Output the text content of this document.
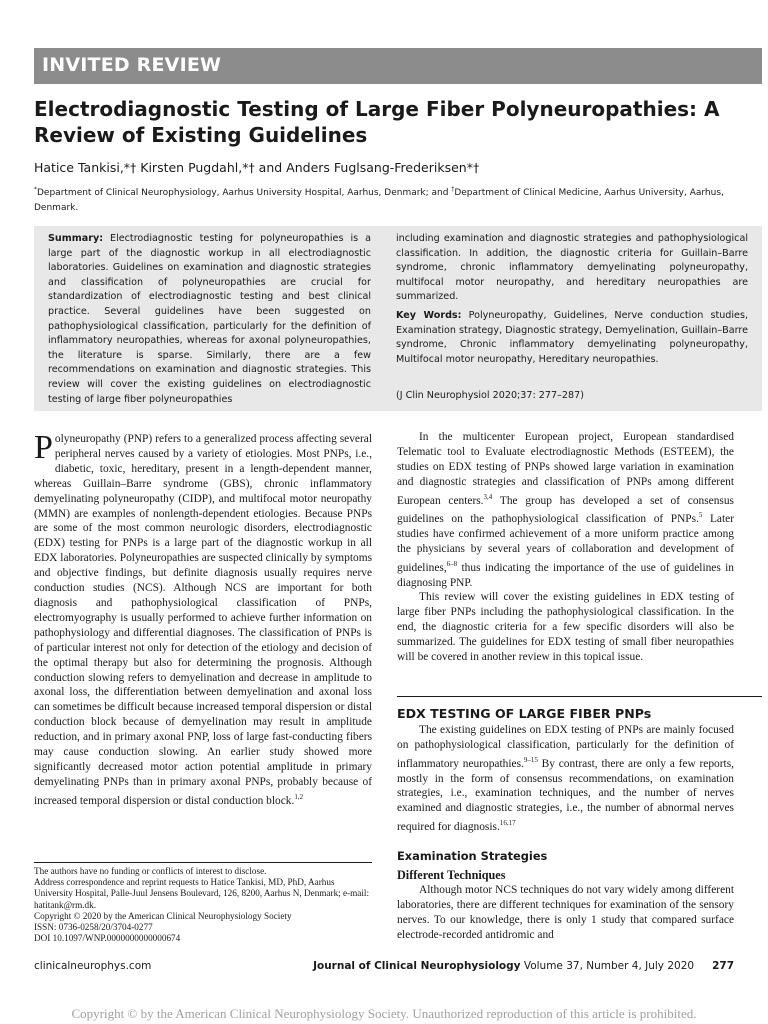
INVITED REVIEW
Electrodiagnostic Testing of Large Fiber Polyneuropathies: A Review of Existing Guidelines
Hatice Tankisi,*† Kirsten Pugdahl,*† and Anders Fuglsang-Frederiksen*†
*Department of Clinical Neurophysiology, Aarhus University Hospital, Aarhus, Denmark; and †Department of Clinical Medicine, Aarhus University, Aarhus, Denmark.
Summary: Electrodiagnostic testing for polyneuropathies is a large part of the diagnostic workup in all electrodiagnostic laboratories. Guidelines on examination and diagnostic strategies and classification of polyneuropathies are crucial for standardization of electrodiagnostic testing and best clinical practice. Several guidelines have been suggested on pathophysiological classification, particularly for the definition of inflammatory neuropathies, whereas for axonal polyneuropathies, the literature is sparse. Similarly, there are a few recommendations on examination and diagnostic strategies. This review will cover the existing guidelines on electrodiagnostic testing of large fiber polyneuropathies

including examination and diagnostic strategies and pathophysiological classification. In addition, the diagnostic criteria for Guillain–Barre syndrome, chronic inflammatory demyelinating polyneuropathy, multifocal motor neuropathy, and hereditary neuropathies are summarized.

Key Words: Polyneuropathy, Guidelines, Nerve conduction studies, Examination strategy, Diagnostic strategy, Demyelination, Guillain–Barre syndrome, Chronic inflammatory demyelinating polyneuropathy, Multifocal motor neuropathy, Hereditary neuropathies.

(J Clin Neurophysiol 2020;37: 277–287)

Polyneuropathy (PNP) refers to a generalized process affecting several peripheral nerves caused by a variety of etiologies. Most PNPs, i.e., diabetic, toxic, hereditary, present in a length-dependent manner, whereas Guillain–Barre syndrome (GBS), chronic inflammatory demyelinating polyneuropathy (CIDP), and multifocal motor neuropathy (MMN) are examples of nonlength-dependent etiologies. Because PNPs are some of the most common neurologic disorders, electrodiagnostic (EDX) testing for PNPs is a large part of the diagnostic workup in all EDX laboratories. Polyneuropathies are suspected clinically by symptoms and objective findings, but definite diagnosis usually requires nerve conduction studies (NCS). Although NCS are important for both diagnosis and pathophysiological classification of PNPs, electromyography is usually performed to achieve further information on pathophysiology and differential diagnoses. The classification of PNPs is of particular interest not only for detection of the etiology and decision of the optimal therapy but also for determining the prognosis. Although conduction slowing refers to demyelination and decrease in amplitude to axonal loss, the differentiation between demyelination and axonal loss can sometimes be difficult because increased temporal dispersion or distal conduction block because of demyelination may result in amplitude reduction, and in primary axonal PNP, loss of large fast-conducting fibers may cause conduction slowing. An earlier study showed more significantly decreased motor action potential amplitude in primary demyelinating PNPs than in primary axonal PNPs, probably because of increased temporal dispersion or distal conduction block.$^{1,2}$

In the multicenter European project, European standardised Telematic tool to Evaluate electrodiagnostic Methods (ESTEEM), the studies on EDX testing of PNPs showed large variation in examination and diagnostic strategies and classification of PNPs among different European centers.$^{3,4}$ The group has developed a set of consensus guidelines on the pathophysiological classification of PNPs.$^5$ Later studies have confirmed achievement of a more uniform practice among the physicians by several years of collaboration and development of guidelines,$^{6-8}$ thus indicating the importance of the use of guidelines in diagnosing PNP.

This review will cover the existing guidelines in EDX testing of large fiber PNPs including the pathophysiological classification. In the end, the diagnostic criteria for a few specific disorders will also be summarized. The guidelines for EDX testing of small fiber neuropathies will be covered in another review in this topical issue.

EDX TESTING OF LARGE FIBER PNPs

The existing guidelines on EDX testing of PNPs are mainly focused on pathophysiological classification, particularly for the definition of inflammatory neuropathies.$^{9-15}$ By contrast, there are only a few reports, mostly in the form of consensus recommendations, on examination strategies, i.e., examination techniques, and the number of nerves examined and diagnostic strategies, i.e., the number of abnormal nerves required for diagnosis.$^{16,17}$

Examination Strategies
Different Techniques

Although motor NCS techniques do not vary widely among different laboratories, there are different techniques for examination of the sensory nerves. To our knowledge, there is only 1 study that compared surface electrode-recorded antidromic and

The authors have no funding or conflicts of interest to disclose.
Address correspondence and reprint requests to Hatice Tankisi, MD, PhD, Aarhus University Hospital, Palle-Juul Jensens Boulevard, 126, 8200, Aarhus N, Denmark; e-mail: hatitank@rm.dk.
Copyright © 2020 by the American Clinical Neurophysiology Society
ISSN: 0736-0258/20/3704-0277
DOI 10.1097/WNP.0000000000000674
clinicalneurophys.com	Journal of Clinical Neurophysiology Volume 37, Number 4, July 2020 277
Copyright © by the American Clinical Neurophysiology Society. Unauthorized reproduction of this article is prohibited.
